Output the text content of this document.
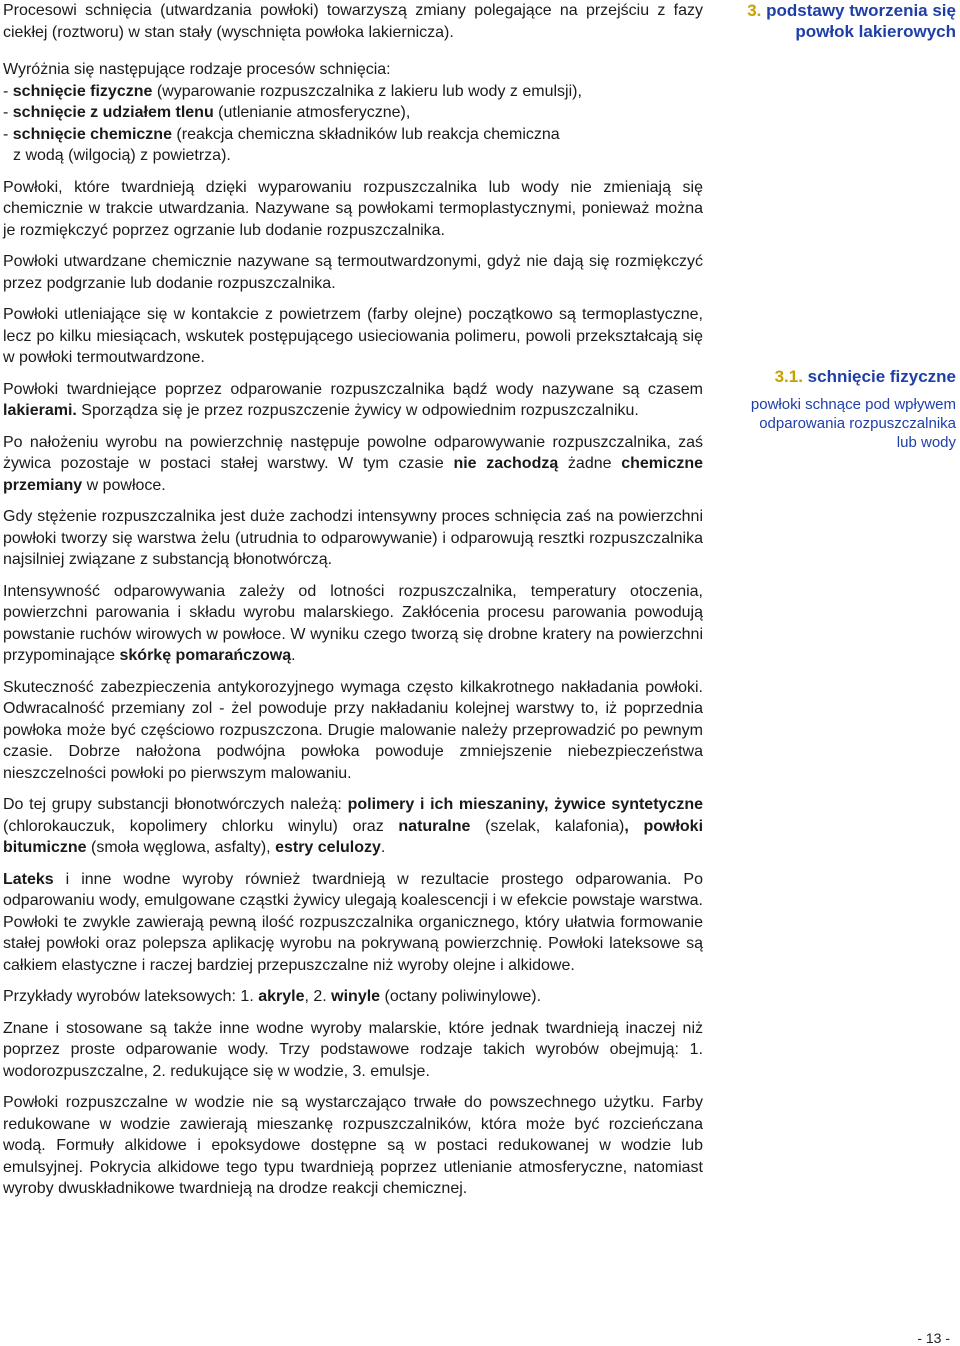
Procesowi schnięcia (utwardzania powłoki) towarzyszą zmiany polegające na przejściu z fazy ciekłej (roztworu) w stan stały (wyschnięta powłoka lakiernicza).

Wyróżnia się następujące rodzaje procesów schnięcia:
- schnięcie fizyczne (wyparowanie rozpuszczalnika z lakieru lub wody z emulsji),
- schnięcie z udziałem tlenu (utlenianie atmosferyczne),
- schnięcie chemiczne (reakcja chemiczna składników lub reakcja chemiczna
z wodą (wilgocią) z powietrza).

Powłoki, które twardnieją dzięki wyparowaniu rozpuszczalnika lub wody nie zmieniają się chemicznie w trakcie utwardzania. Nazywane są powłokami termoplastycznymi, ponieważ można je rozmiękczyć poprzez ogrzanie lub dodanie rozpuszczalnika.

Powłoki utwardzane chemicznie nazywane są termoutwardzonymi, gdyż nie dają się rozmiękczyć przez podgrzanie lub dodanie rozpuszczalnika.

Powłoki utleniające się w kontakcie z powietrzem (farby olejne) początkowo są termoplastyczne, lecz po kilku miesiącach, wskutek postępującego usieciowania polimeru, powoli przekształcają się w powłoki termoutwardzone.

Powłoki twardniejące poprzez odparowanie rozpuszczalnika bądź wody nazywane są czasem lakierami. Sporządza się je przez rozpuszczenie żywicy w odpowiednim rozpuszczalniku.

Po nałożeniu wyrobu na powierzchnię następuje powolne odparowywanie rozpuszczalnika, zaś żywica pozostaje w postaci stałej warstwy. W tym czasie nie zachodzą żadne chemiczne przemiany w powłoce.

Gdy stężenie rozpuszczalnika jest duże zachodzi intensywny proces schnięcia zaś na powierzchni powłoki tworzy się warstwa żelu (utrudnia to odparowywanie) i odparowują resztki rozpuszczalnika najsilniej związane z substancją błonotwórczą.

Intensywność odparowywania zależy od lotności rozpuszczalnika, temperatury otoczenia, powierzchni parowania i składu wyrobu malarskiego. Zakłócenia procesu parowania powodują powstanie ruchów wirowych w powłoce. W wyniku czego tworzą się drobne kratery na powierzchni przypominające skórkę pomarańczową.

Skuteczność zabezpieczenia antykorozyjnego wymaga często kilkakrotnego nakładania powłoki. Odwracalność przemiany zol - żel powoduje przy nakładaniu kolejnej warstwy to, iż poprzednia powłoka może być częściowo rozpuszczona. Drugie malowanie należy przeprowadzić po pewnym czasie. Dobrze nałożona podwójna powłoka powoduje zmniejszenie niebezpieczeństwa nieszczelności powłoki po pierwszym malowaniu.

Do tej grupy substancji błonotwórczych należą: polimery i ich mieszaniny, żywice syntetyczne (chlorokauczuk, kopolimery chlorku winylu) oraz naturalne (szelak, kalafonia), powłoki bitumiczne (smoła węglowa, asfalty), estry celulozy.

Lateks i inne wodne wyroby również twardnieją w rezultacie prostego odparowania. Po odparowaniu wody, emulgowane cząstki żywicy ulegają koalescencji i w efekcie powstaje warstwa. Powłoki te zwykle zawierają pewną ilość rozpuszczalnika organicznego, który ułatwia formowanie stałej powłoki oraz polepsza aplikację wyrobu na pokrywaną powierzchnię. Powłoki lateksowe są całkiem elastyczne i raczej bardziej przepuszczalne niż wyroby olejne i alkidowe.

Przykłady wyrobów lateksowych: 1. akryle, 2. winyle (octany poliwinylowe).

Znane i stosowane są także inne wodne wyroby malarskie, które jednak twardnieją inaczej niż poprzez proste odparowanie wody. Trzy podstawowe rodzaje takich wyrobów obejmują: 1. wodorozpuszczalne, 2. redukujące się w wodzie, 3. emulsje.

Powłoki rozpuszczalne w wodzie nie są wystarczająco trwałe do powszechnego użytku. Farby redukowane w wodzie zawierają mieszankę rozpuszczalników, która może być rozcieńczana wodą. Formuły alkidowe i epoksydowe dostępne są w postaci redukowanej w wodzie lub emulsyjnej. Pokrycia alkidowe tego typu twardnieją poprzez utlenianie atmosferyczne, natomiast wyroby dwuskładnikowe twardnieją na drodze reakcji chemicznej.

3. podstawy tworzenia się
powłok lakierowych
3.1. schnięcie fizyczne
powłoki schnące pod wpływem
odparowania rozpuszczalnika
lub wody
- 13 -
